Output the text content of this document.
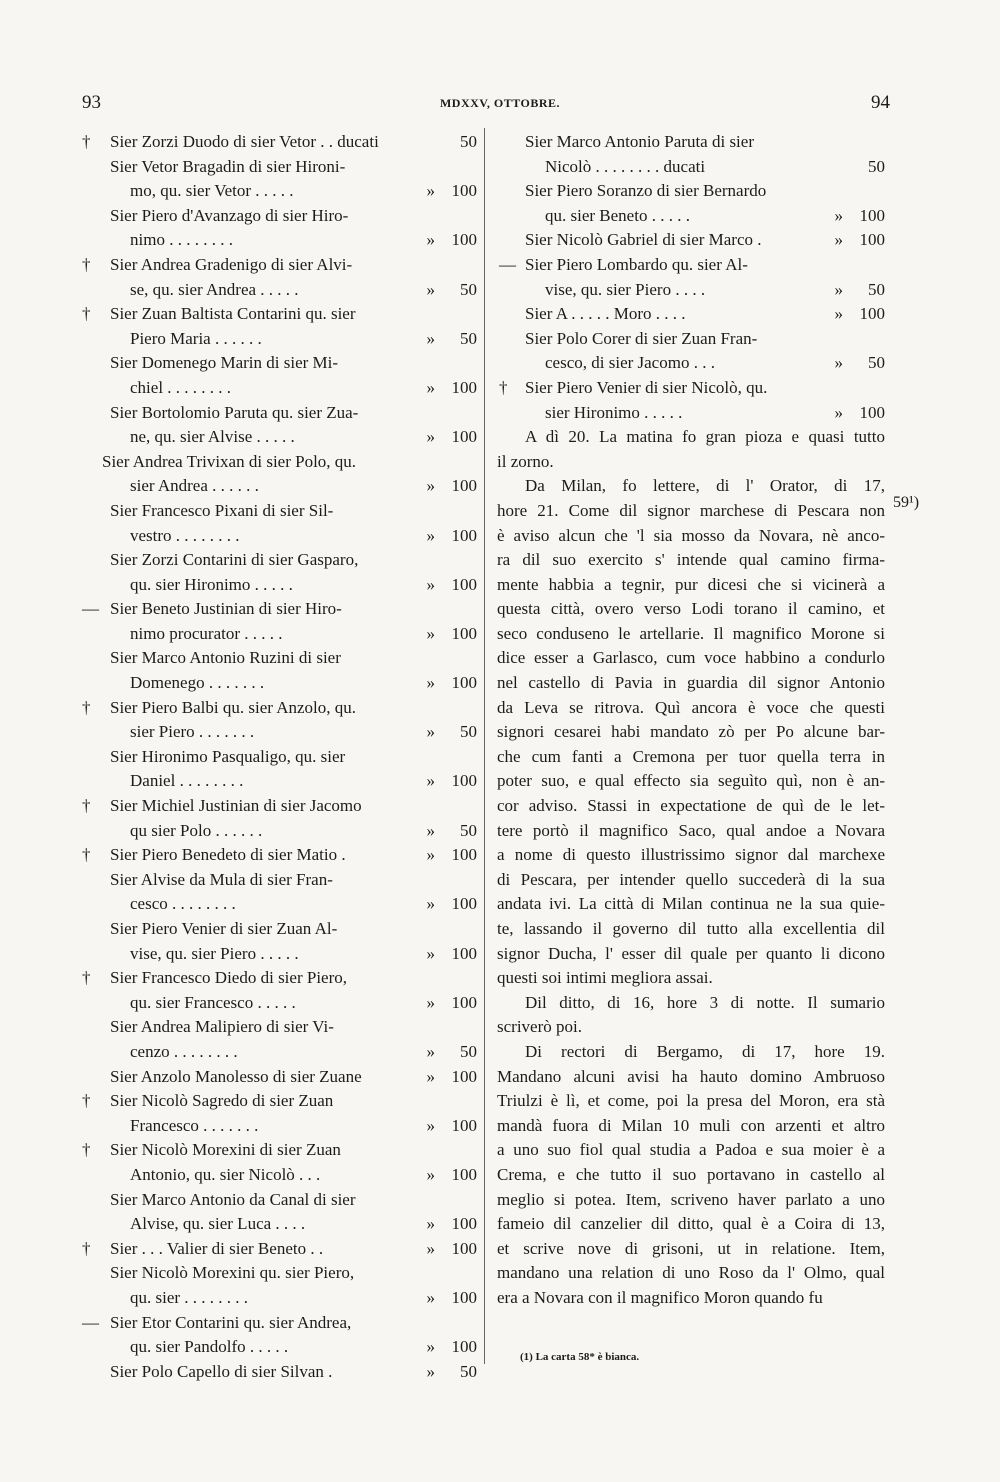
93	MDXXV, OTTOBRE.	94
†	Sier Zorzi Duodo di sier Vetor . . ducati	50
Sier Vetor Bragadin di sier Hironi-
mo, qu. sier Vetor . . . . .	100
»
Sier Piero d'Avanzago di sier Hiro-
nimo . . . . . . . .	100
»
†	Sier Andrea Gradenigo di sier Alvi-
se, qu. sier Andrea . . . . .	50
»
†	Sier Zuan Baltista Contarini qu. sier
Piero Maria . . . . . .	50
»
Sier Domenego Marin di sier Mi-
chiel . . . . . . . .	100
»
Sier Bortolomio Paruta qu. sier Zua-
ne, qu. sier Alvise . . . . .	100
»
Sier Andrea Trivixan di sier Polo, qu.
sier Andrea . . . . . .	100
»
Sier Francesco Pixani di sier Sil-
vestro . . . . . . . .	100
»
Sier Zorzi Contarini di sier Gasparo,
qu. sier Hironimo . . . . .	100
»
— Sier Beneto Justinian di sier Hiro-
nimo procurator . . . . .	100
»
Sier Marco Antonio Ruzini di sier
Domenego . . . . . . .	100
»
†	Sier Piero Balbi qu. sier Anzolo, qu.
sier Piero . . . . . . .	50
»
Sier Hironimo Pasqualigo, qu. sier
Daniel . . . . . . . .	100
»
†	Sier Michiel Justinian di sier Jacomo
qu sier Polo . . . . . .	50
»
†	Sier Piero Benedeto di sier Matio .	100
»
Sier Alvise da Mula di sier Fran-
cesco . . . . . . . .	100
»
Sier Piero Venier di sier Zuan Al-
vise, qu. sier Piero . . . . .	100
»
†	Sier Francesco Diedo di sier Piero,
qu. sier Francesco . . . . .	100
»
Sier Andrea Malipiero di sier Vi-
cenzo . . . . . . . .	50
»
Sier Anzolo Manolesso di sier Zuane	100
»
†	Sier Nicolò Sagredo di sier Zuan
Francesco . . . . . . .	100
»
†	Sier Nicolò Morexini di sier Zuan
Antonio, qu. sier Nicolò . . .	100
»
Sier Marco Antonio da Canal di sier
Alvise, qu. sier Luca . . . .	100
»
†	Sier . . . Valier di sier Beneto . .	100
»
Sier Nicolò Morexini qu. sier Piero,
qu. sier . . . . . . . .	100
»
— Sier Etor Contarini qu. sier Andrea,
qu. sier Pandolfo . . . . .	100
»
Sier Polo Capello di sier Silvan .	50
»
Sier Marco Antonio Paruta di sier
Nicolò . . . . . . . . ducati	50
Sier Piero Soranzo di sier Bernardo
qu. sier Beneto . . . . .	100
»
Sier Nicolò Gabriel di sier Marco .	100
»
— Sier Piero Lombardo qu. sier Al-
vise, qu. sier Piero . . . .	50
»
Sier A . . . . . Moro . . . .	100
»
Sier Polo Corer di sier Zuan Fran-
cesco, di sier Jacomo . . .	50
»
†	Sier Piero Venier di sier Nicolò, qu.
sier Hironimo . . . . .	100
»
A dì 20. La matina fo gran pioza e quasi tutto
il zorno.
Da Milan, fo lettere, di l' Orator, di 17,
hore 21. Come dil signor marchese di Pescara non
è aviso alcun che 'l sia mosso da Novara, nè anco-
ra dil suo exercito s' intende qual camino firma-
mente habbia a tegnir, pur dicesi che si vicinerà a
questa città, overo verso Lodi torano il camino, et
seco conduseno le artellarie. Il magnifico Morone si
dice esser a Garlasco, cum voce habbino a condurlo
nel castello di Pavia in guardia dil signor Antonio
da Leva se ritrova. Quì ancora è voce che questi
signori cesarei habi mandato zò per Po alcune bar-
che cum fanti a Cremona per tuor quella terra in
poter suo, e qual effecto sia seguìto quì, non è an-
cor adviso. Stassi in expectatione de quì de le let-
tere portò il magnifico Saco, qual andoe a Novara
a nome di questo illustrissimo signor dal marchexe
di Pescara, per intender quello succederà di la sua
andata ivi. La città di Milan continua ne la sua quie-
te, lassando il governo dil tutto alla excellentia dil
signor Ducha, l' esser dil quale per quanto li dicono
questi soi intimi megliora assai.
Dil ditto, di 16, hore 3 di notte. Il sumario
scriverò poi.
Di rectori di Bergamo, di 17, hore 19.
Mandano alcuni avisi ha hauto domino Ambruoso
Triulzi è lì, et come, poi la presa del Moron, era stà
mandà fuora di Milan 10 muli con arzenti et altro
a uno suo fiol qual studia a Padoa e sua moier è a
Crema, e che tutto il suo portavano in castello al
meglio si potea. Item, scriveno haver parlato a uno
fameio dil canzelier dil ditto, qual è a Coira di 13,
et scrive nove di grisoni, ut in relatione. Item,
mandano una relation di uno Roso da l' Olmo, qual
era a Novara con il magnifico Moron quando fu
59¹)
(1) La carta 58* è bianca.
